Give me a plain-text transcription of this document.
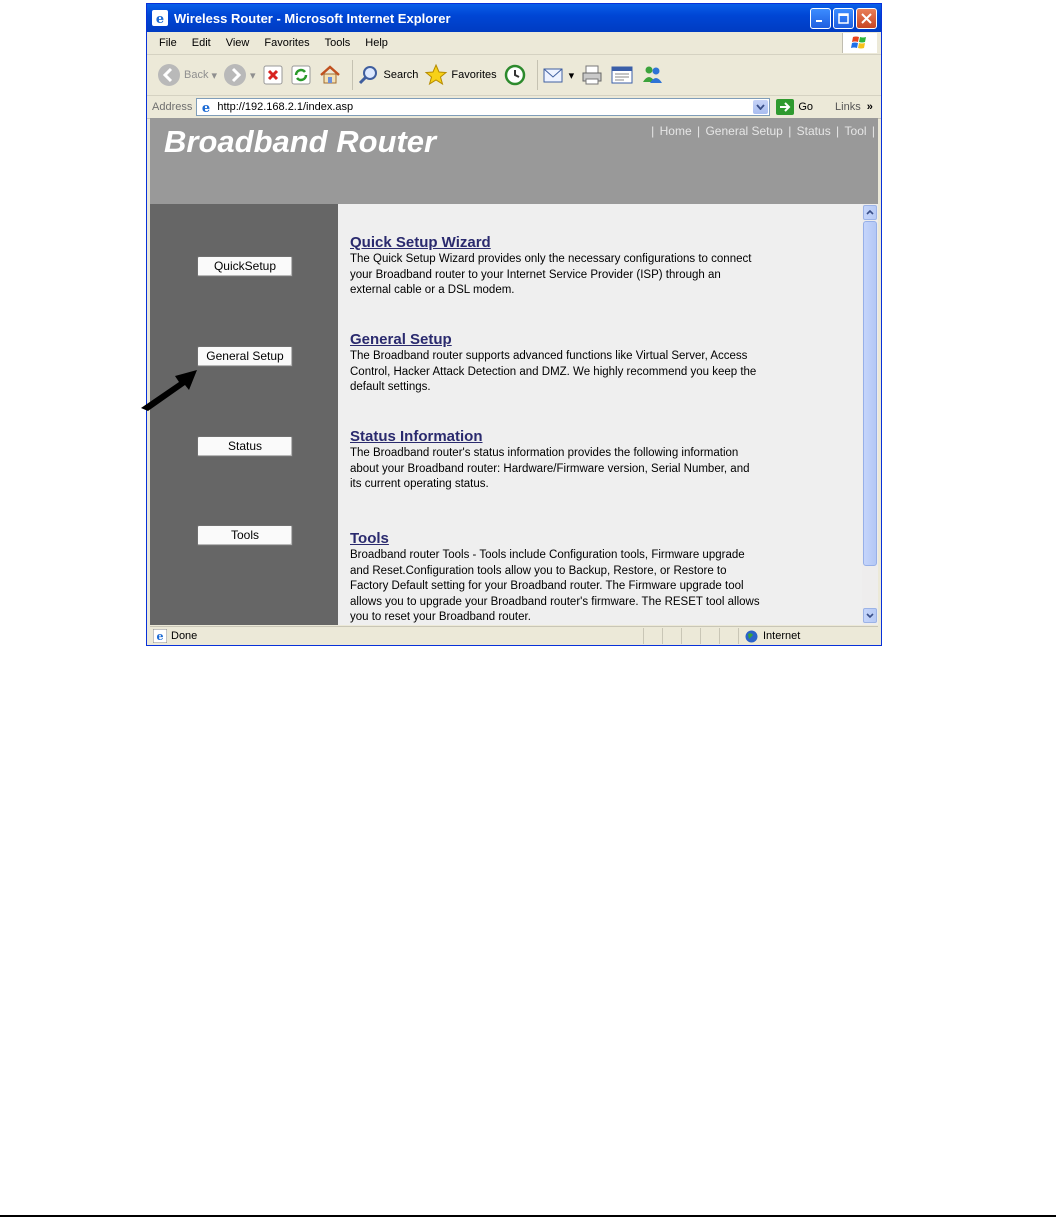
e Wireless Router - Microsoft Internet Explorer
File Edit View Favorites Tools Help
Back ▾	▾	Search	Favorites	▾
Address e http://192.168.2.1/index.asp	Go Links »
Broadband Router	| Home | General Setup | Status | Tool |
QuickSetup
General Setup
Status
Tools
Quick Setup Wizard

The Quick Setup Wizard provides only the necessary configurations to connect your Broadband router to your Internet Service Provider (ISP) through an external cable or a DSL modem.

General Setup

The Broadband router supports advanced functions like Virtual Server, Access Control, Hacker Attack Detection and DMZ. We highly recommend you keep the default settings.

Status Information

The Broadband router's status information provides the following information about your Broadband router: Hardware/Firmware version, Serial Number, and its current operating status.

Tools

Broadband router Tools - Tools include Configuration tools, Firmware upgrade and Reset.Configuration tools allow you to Backup, Restore, or Restore to Factory Default setting for your Broadband router. The Firmware upgrade tool allows you to upgrade your Broadband router's firmware. The RESET tool allows you to reset your Broadband router.

e Done	Internet
